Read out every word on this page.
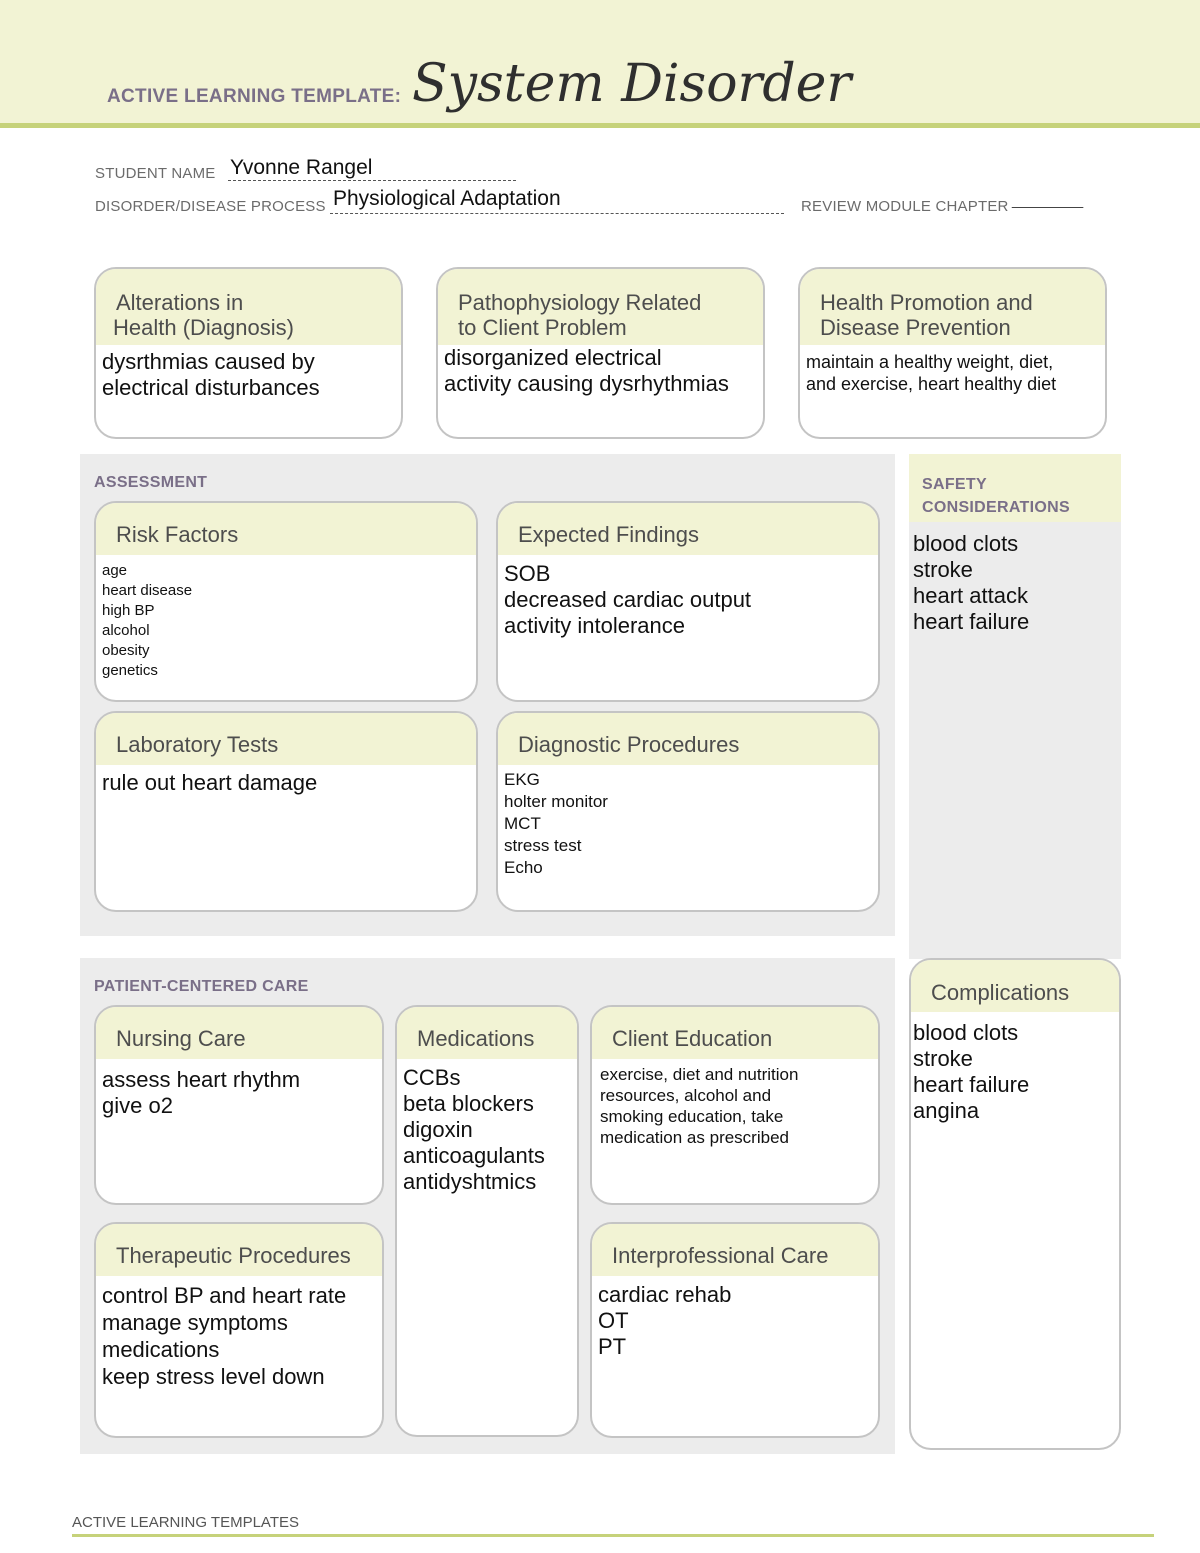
ACTIVE LEARNING TEMPLATE: System Disorder
STUDENT NAME Yvonne Rangel
DISORDER/DISEASE PROCESS Physiological Adaptation	REVIEW MODULE CHAPTER ________
Alterations in
Health (Diagnosis)
dysrthmias caused by
electrical disturbances
Pathophysiology Related
to Client Problem
disorganized electrical
activity causing dysrhythmias
Health Promotion and
Disease Prevention
maintain a healthy weight, diet,
and exercise, heart healthy diet
ASSESSMENT
Risk Factors
age
heart disease
high BP
alcohol
obesity
genetics
Expected Findings
SOB
decreased cardiac output
activity intolerance
Laboratory Tests
rule out heart damage
Diagnostic Procedures
EKG
holter monitor
MCT
stress test
Echo
SAFETY
CONSIDERATIONS
blood clots
stroke
heart attack
heart failure
PATIENT-CENTERED CARE
Nursing Care
assess heart rhythm
give o2
Medications
CCBs
beta blockers
digoxin
anticoagulants
antidyshtmics
Client Education
exercise, diet and nutrition
resources, alcohol and
smoking education, take
medication as prescribed
Therapeutic Procedures
control BP and heart rate
manage symptoms
medications
keep stress level down
Interprofessional Care
cardiac rehab
OT
PT
Complications
blood clots
stroke
heart failure
angina
ACTIVE LEARNING TEMPLATES
